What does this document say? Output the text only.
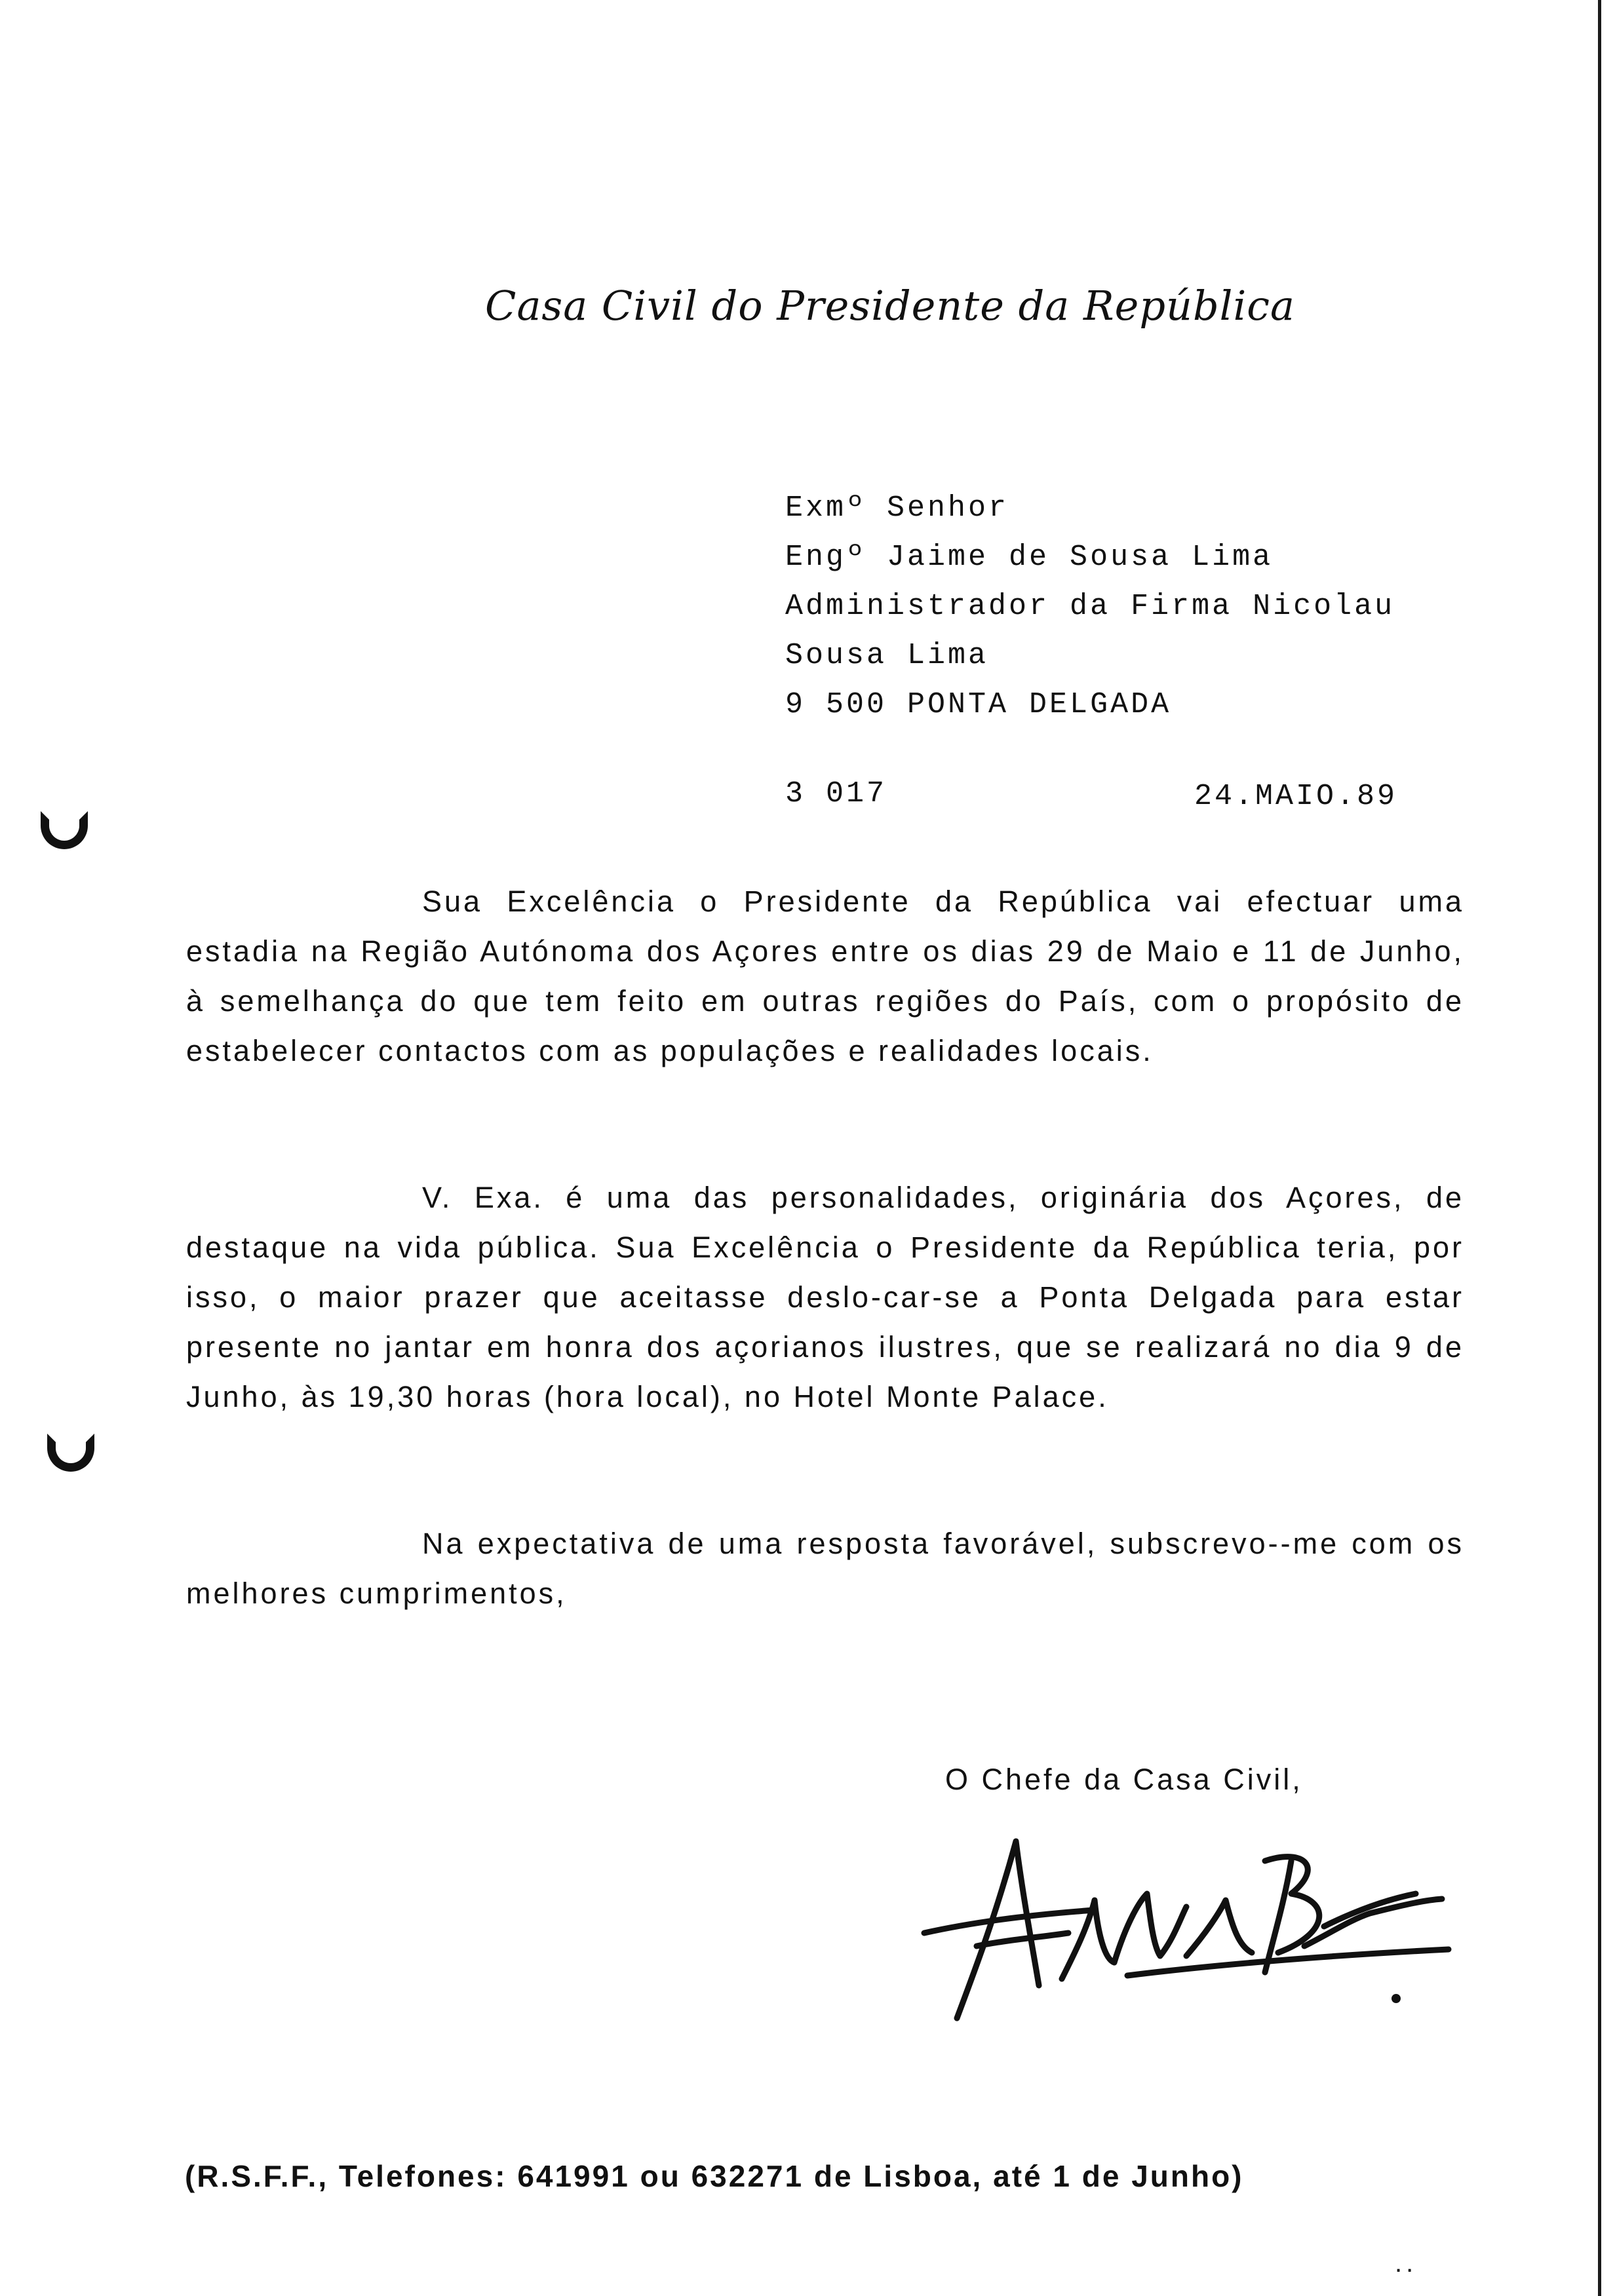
Casa Civil do Presidente da República
Exmº Senhor
Engº Jaime de Sousa Lima
Administrador da Firma Nicolau
Sousa Lima
9 500 PONTA DELGADA
3 017	24.MAIO.89
Sua Excelência o Presidente da República vai efectuar uma estadia na Região Autónoma dos Açores entre os dias 29 de Maio e 11 de Junho, à semelhança do que tem feito em outras regiões do País, com o propósito de estabelecer contactos com as populações e realidades locais.
V. Exa. é uma das personalidades, originária dos Açores, de destaque na vida pública. Sua Excelência o Presidente da República teria, por isso, o maior prazer que aceitasse deslo-car-se a Ponta Delgada para estar presente no jantar em honra dos açorianos ilustres, que se realizará no dia 9 de Junho, às 19,30 horas (hora local), no Hotel Monte Palace.
Na expectativa de uma resposta favorável, subscrevo--me com os melhores cumprimentos,
O Chefe da Casa Civil,
(R.S.F.F., Telefones: 641991 ou 632271 de Lisboa, até 1 de Junho)
..
